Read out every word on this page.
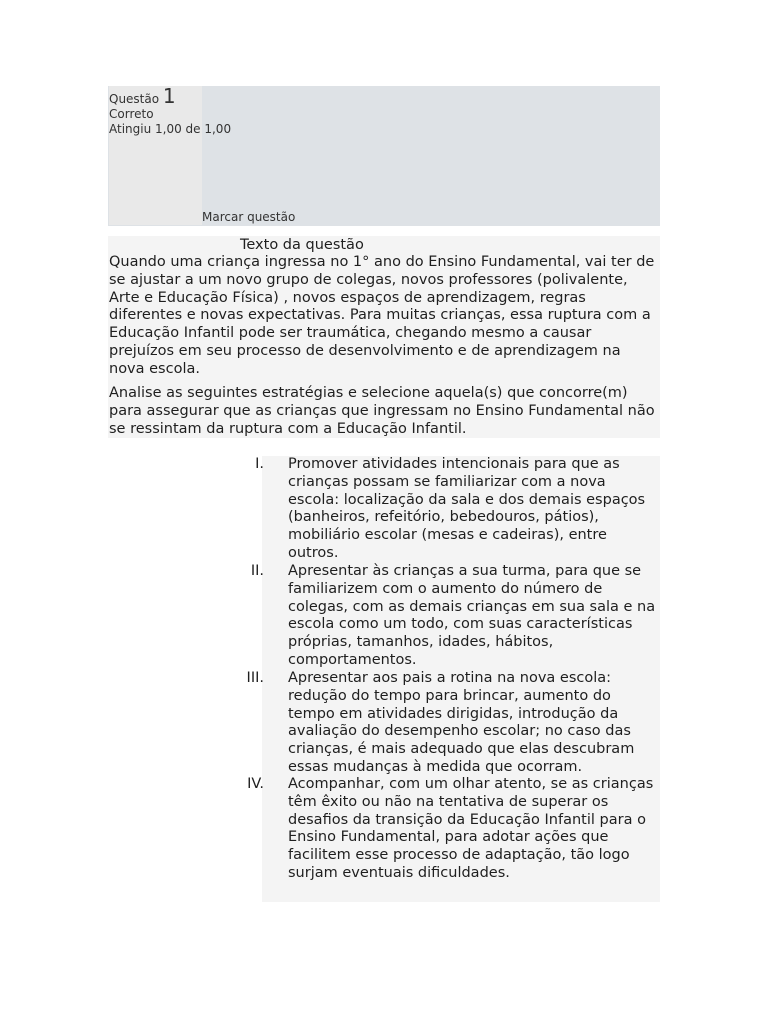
Questão 1
Correto
Atingiu 1,00 de 1,00
Marcar questão
Texto da questão

Quando uma criança ingressa no 1° ano do Ensino Fundamental, vai ter de se ajustar a um novo grupo de colegas, novos professores (polivalente, Arte e Educação Física) , novos espaços de aprendizagem, regras diferentes e novas expectativas. Para muitas crianças, essa ruptura com a Educação Infantil pode ser traumática, chegando mesmo a causar prejuízos em seu processo de desenvolvimento e de aprendizagem na nova escola.

Analise as seguintes estratégias e selecione aquela(s) que concorre(m) para assegurar que as crianças que ingressam no Ensino Fundamental não se ressintam da ruptura com a Educação Infantil.

I. Promover atividades intencionais para que as crianças possam se familiarizar com a nova escola: localização da sala e dos demais espaços (banheiros, refeitório, bebedouros, pátios), mobiliário escolar (mesas e cadeiras), entre outros.
II. Apresentar às crianças a sua turma, para que se familiarizem com o aumento do número de colegas, com as demais crianças em sua sala e na escola como um todo, com suas características próprias, tamanhos, idades, hábitos, comportamentos.
III. Apresentar aos pais a rotina na nova escola: redução do tempo para brincar, aumento do tempo em atividades dirigidas, introdução da avaliação do desempenho escolar; no caso das crianças, é mais adequado que elas descubram essas mudanças à medida que ocorram.
IV. Acompanhar, com um olhar atento, se as crianças têm êxito ou não na tentativa de superar os desafios da transição da Educação Infantil para o Ensino Fundamental, para adotar ações que facilitem esse processo de adaptação, tão logo surjam eventuais dificuldades.
